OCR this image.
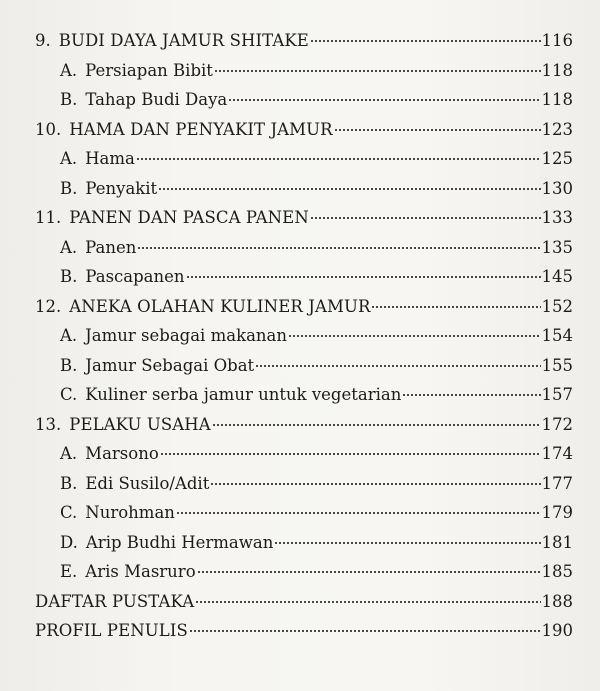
9. BUDI DAYA JAMUR SHITAKE	116
A. Persiapan Bibit	118
B. Tahap Budi Daya	118
10. HAMA DAN PENYAKIT JAMUR	123
A. Hama	125
B. Penyakit	130
11. PANEN DAN PASCA PANEN	133
A. Panen	135
B. Pascapanen	145
12. ANEKA OLAHAN KULINER JAMUR	152
A. Jamur sebagai makanan	154
B. Jamur Sebagai Obat	155
C. Kuliner serba jamur untuk vegetarian	157
13. PELAKU USAHA	172
A. Marsono	174
B. Edi Susilo/Adit	177
C. Nurohman	179
D. Arip Budhi Hermawan	181
E. Aris Masruro	185
DAFTAR PUSTAKA	188
PROFIL PENULIS	190
